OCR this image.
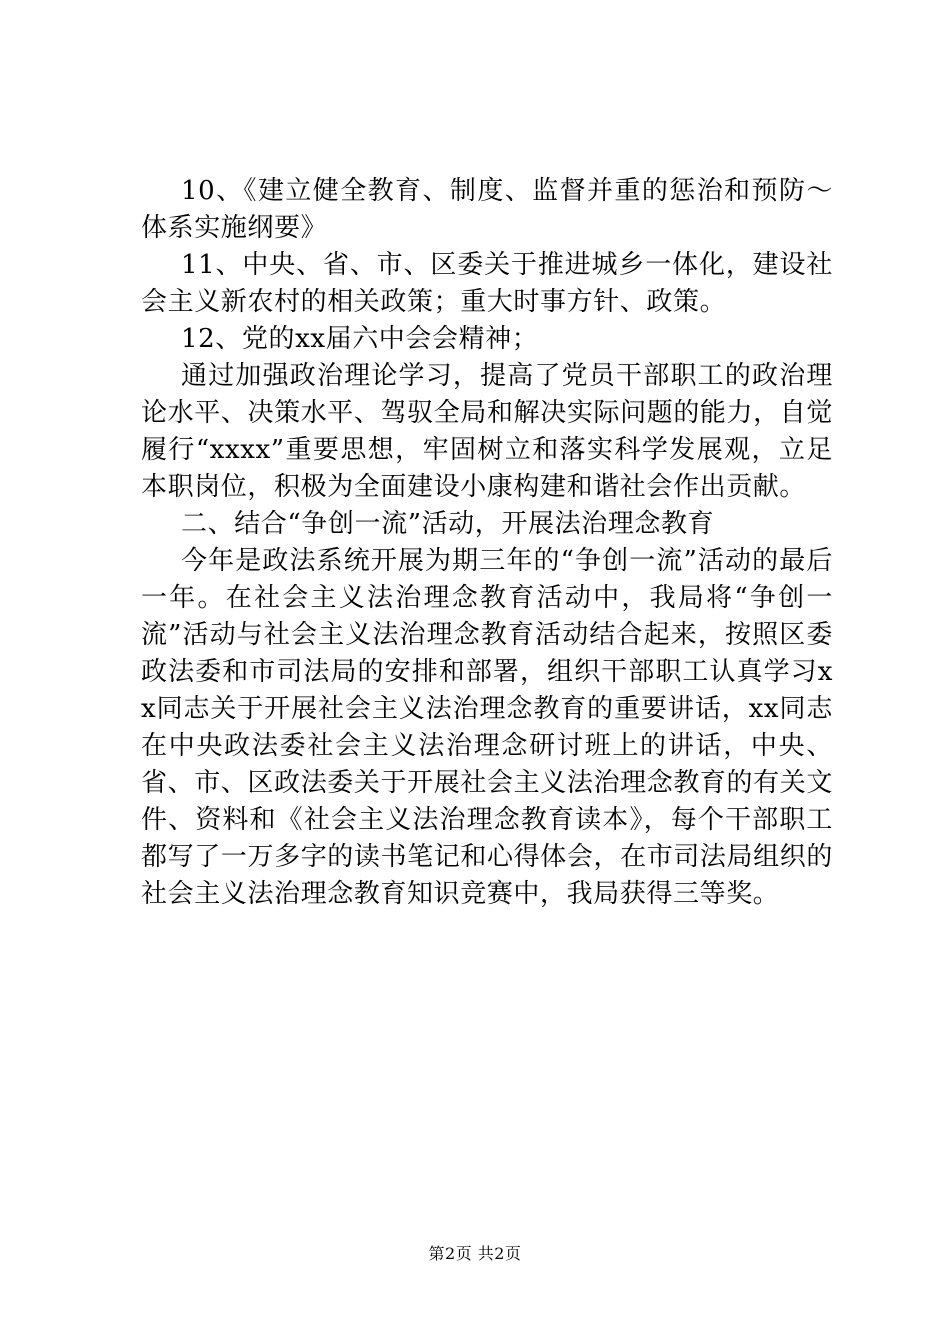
10、《建立健全教育、制度、监督并重的惩治和预防～体系实施纲要》

11、中央、省、市、区委关于推进城乡一体化，建设社会主义新农村的相关政策；重大时事方针、政策。

12、党的xx届六中会会精神；

通过加强政治理论学习，提高了党员干部职工的政治理论水平、决策水平、驾驭全局和解决实际问题的能力，自觉履行“xxxx”重要思想，牢固树立和落实科学发展观，立足本职岗位，积极为全面建设小康构建和谐社会作出贡献。

二、结合“争创一流”活动，开展法治理念教育

今年是政法系统开展为期三年的“争创一流”活动的最后一年。在社会主义法治理念教育活动中，我局将“争创一流”活动与社会主义法治理念教育活动结合起来，按照区委政法委和市司法局的安排和部署，组织干部职工认真学习xx同志关于开展社会主义法治理念教育的重要讲话，xx同志在中央政法委社会主义法治理念研讨班上的讲话，中央、省、市、区政法委关于开展社会主义法治理念教育的有关文件、资料和《社会主义法治理念教育读本》，每个干部职工都写了一万多字的读书笔记和心得体会，在市司法局组织的社会主义法治理念教育知识竞赛中，我局获得三等奖。

第2页 共2页
